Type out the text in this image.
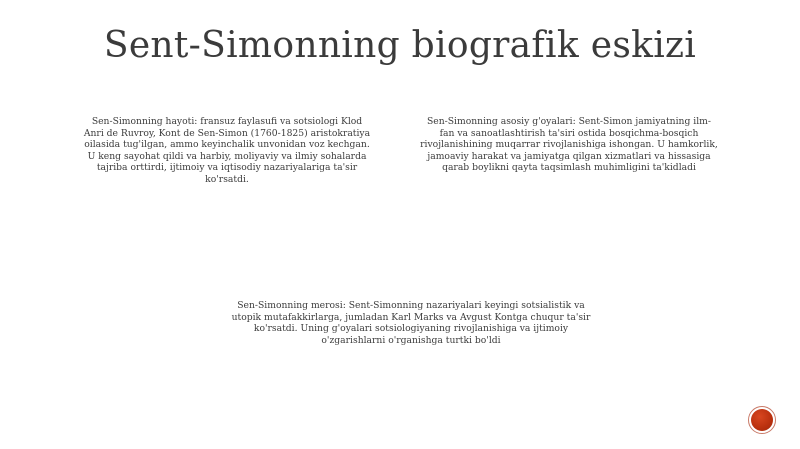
Sent-Simonning biografik eskizi
Sen-Simonning hayoti: fransuz faylasufi va sotsiologi Klod Anri de Ruvroy, Kont de Sen-Simon (1760-1825) aristokratiya oilasida tug'ilgan, ammo keyinchalik unvonidan voz kechgan. U keng sayohat qildi va harbiy, moliyaviy va ilmiy sohalarda tajriba orttirdi, ijtimoiy va iqtisodiy nazariyalariga ta'sir ko'rsatdi.
Sen-Simonning asosiy g'oyalari: Sent-Simon jamiyatning ilm-fan va sanoatlashtirish ta'siri ostida bosqichma-bosqich rivojlanishining muqarrar rivojlanishiga ishongan. U hamkorlik, jamoaviy harakat va jamiyatga qilgan xizmatlari va hissasiga qarab boylikni qayta taqsimlash muhimligini ta'kidladi
Sen-Simonning merosi: Sent-Simonning nazariyalari keyingi sotsialistik va utopik mutafakkirlarga, jumladan Karl Marks va Avgust Kontga chuqur ta'sir ko'rsatdi. Uning g'oyalari sotsiologiyaning rivojlanishiga va ijtimoiy o'zgarishlarni o'rganishga turtki bo'ldi
